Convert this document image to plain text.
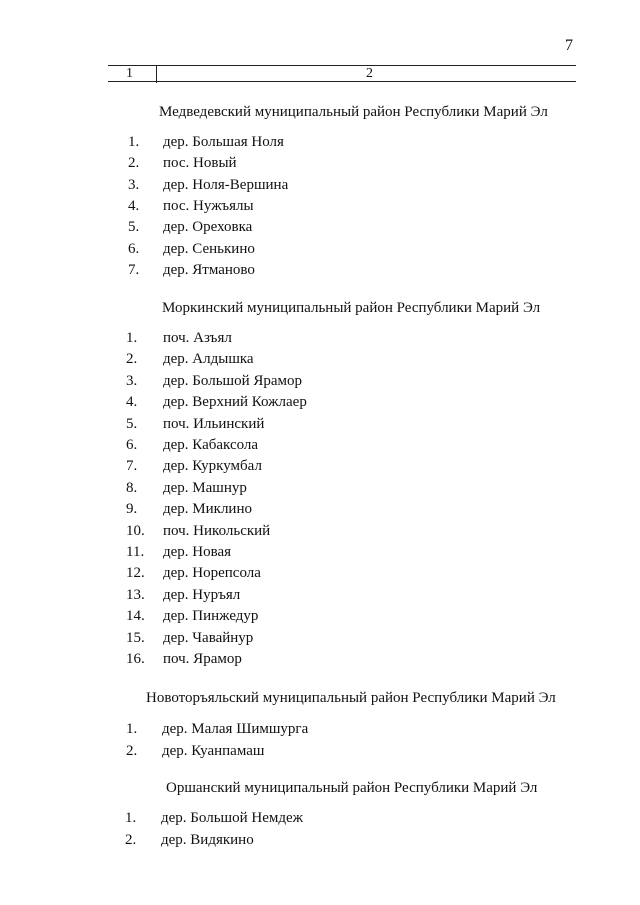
7
1	2
Медведевский муниципальный район Республики Марий Эл
1. дер. Большая Ноля
2. пос. Новый
3. дер. Ноля-Вершина
4. пос. Нужъялы
5. дер. Ореховка
6. дер. Сенькино
7. дер. Ятманово
Моркинский муниципальный район Республики Марий Эл
1. поч. Азъял
2. дер. Алдышка
3. дер. Большой Ярамор
4. дер. Верхний Кожлаер
5. поч. Ильинский
6. дер. Кабаксола
7. дер. Куркумбал
8. дер. Машнур
9. дер. Миклино
10. поч. Никольский
11. дер. Новая
12. дер. Норепсола
13. дер. Нуръял
14. дер. Пинжедур
15. дер. Чавайнур
16. поч. Ярамор
Новоторъяльский муниципальный район Республики Марий Эл
1. дер. Малая Шимшурга
2. дер. Куанпамаш
Оршанский муниципальный район Республики Марий Эл
1. дер. Большой Немдеж
2. дер. Видякино
